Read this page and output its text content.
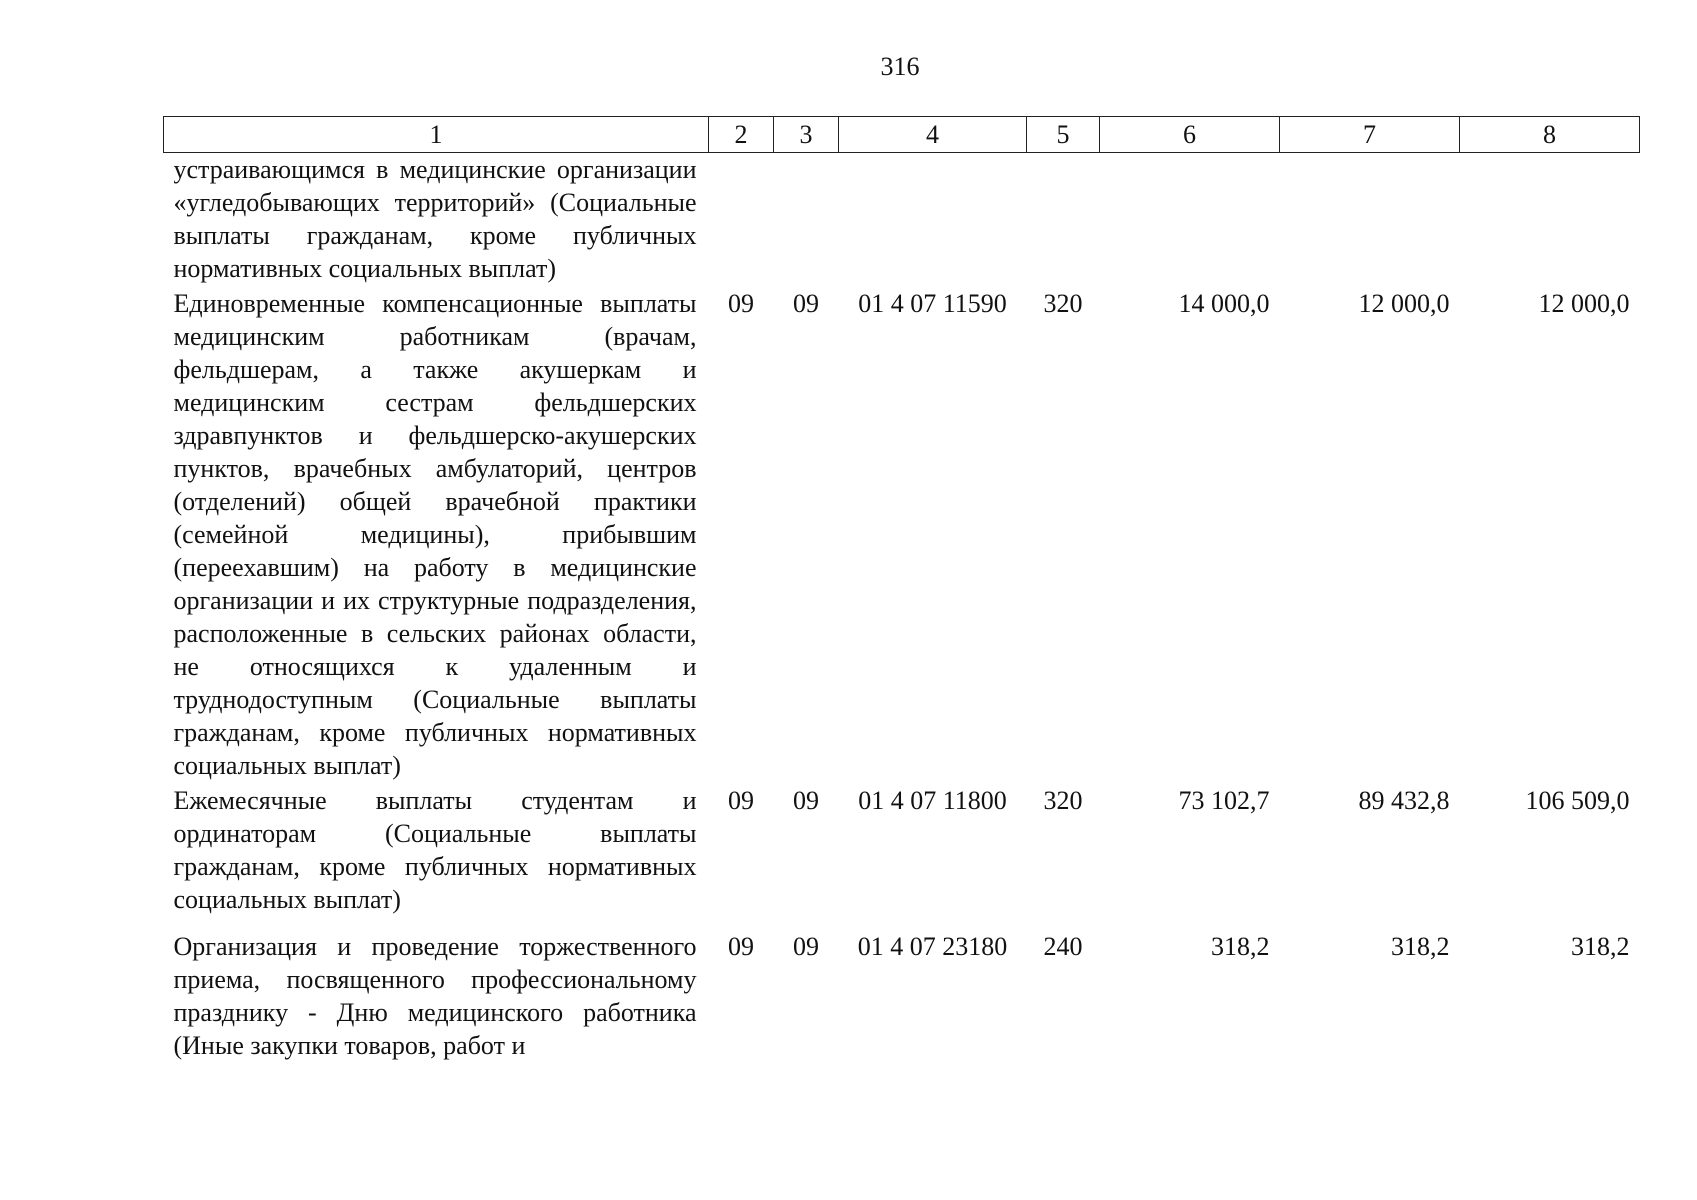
316
1	2	3	4	5	6	7	8
устраивающимся в медицинские организации «угледобывающих территорий» (Социальные выплаты гражданам, кроме публичных нормативных социальных выплат)							
Единовременные компенсационные выплаты медицинским работникам (врачам, фельдшерам, а также акушеркам и медицинским сестрам фельдшерских здравпунктов и фельдшерско-акушерских пунктов, врачебных амбулаторий, центров (отделений) общей врачебной практики (семейной медицины), прибывшим (переехавшим) на работу в медицинские организации и их структурные подразделения, расположенные в сельских районах области, не относящихся к удаленным и труднодоступным (Социальные выплаты гражданам, кроме публичных нормативных социальных выплат)	09	09	01 4 07 11590	320	14 000,0	12 000,0	12 000,0
Ежемесячные выплаты студентам и ординаторам (Социальные выплаты гражданам, кроме публичных нормативных социальных выплат)	09	09	01 4 07 11800	320	73 102,7	89 432,8	106 509,0
Организация и проведение торжественного приема, посвященного профессиональному празднику - Дню медицинского работника (Иные закупки товаров, работ и	09	09	01 4 07 23180	240	318,2	318,2	318,2
